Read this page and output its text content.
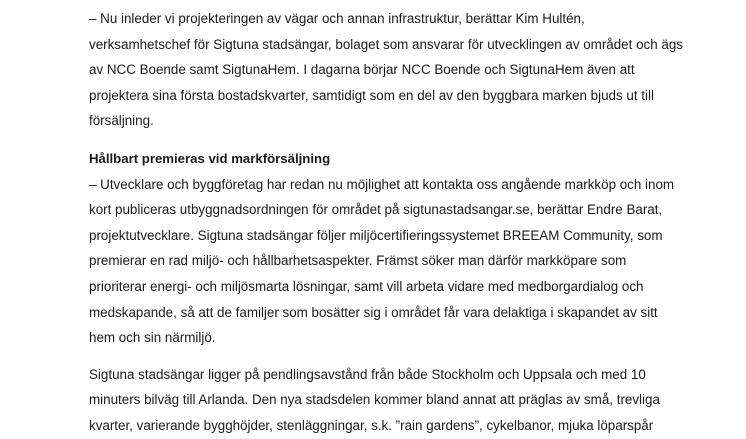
– Nu inleder vi projekteringen av vägar och annan infrastruktur, berättar Kim Hultén,
verksamhetschef för Sigtuna stadsängar, bolaget som ansvarar för utvecklingen av området och ägs
av NCC Boende samt SigtunaHem. I dagarna börjar NCC Boende och SigtunaHem även att
projektera sina första bostadskvarter, samtidigt som en del av den byggbara marken bjuds ut till
försäljning.
Hållbart premieras vid markförsäljning
– Utvecklare och byggföretag har redan nu möjlighet att kontakta oss angående markköp och inom
kort publiceras utbyggnadsordningen för området på sigtunastadsangar.se, berättar Endre Barat,
projektutvecklare. Sigtuna stadsängar följer miljöcertifieringssystemet BREEAM Community, som
premierar en rad miljö- och hållbarhetsaspekter. Främst söker man därför markköpare som
prioriterar energi- och miljösmarta lösningar, samt vill arbeta vidare med medborgardialog och
medskapande, så att de familjer som bosätter sig i området får vara delaktiga i skapandet av sitt
hem och sin närmiljö.
Sigtuna stadsängar ligger på pendlingsavstånd från både Stockholm och Uppsala och med 10
minuters bilväg till Arlanda. Den nya stadsdelen kommer bland annat att präglas av små, trevliga
kvarter, varierande bygghöjder, stenläggningar, s.k. ”rain gardens”, cykelbanor, mjuka löparspår
